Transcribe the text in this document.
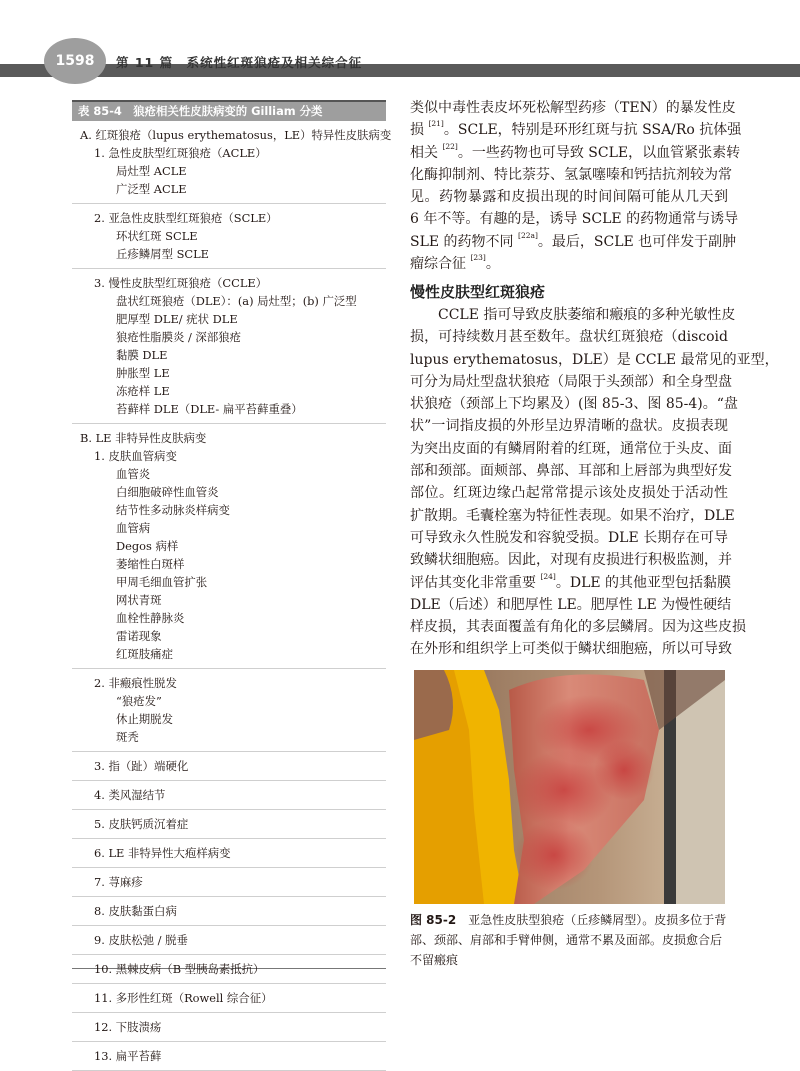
1598	第 11 篇　系统性红斑狼疮及相关综合征
表 85-4　狼疮相关性皮肤病变的 Gilliam 分类
A. 红斑狼疮（lupus erythematosus，LE）特异性皮肤病变
1. 急性皮肤型红斑狼疮（ACLE）
局灶型 ACLE
广泛型 ACLE
2. 亚急性皮肤型红斑狼疮（SCLE）
环状红斑 SCLE
丘疹鳞屑型 SCLE
3. 慢性皮肤型红斑狼疮（CCLE）
盘状红斑狼疮（DLE）：(a) 局灶型；(b) 广泛型
肥厚型 DLE/ 疣状 DLE
狼疮性脂膜炎 / 深部狼疮
黏膜 DLE
肿胀型 LE
冻疮样 LE
苔藓样 DLE（DLE- 扁平苔藓重叠）
B. LE 非特异性皮肤病变
1. 皮肤血管病变
血管炎
白细胞破碎性血管炎
结节性多动脉炎样病变
血管病
Degos 病样
萎缩性白斑样
甲周毛细血管扩张
网状青斑
血栓性静脉炎
雷诺现象
红斑肢痛症
2. 非瘢痕性脱发
“狼疮发”
休止期脱发
斑秃
3. 指（趾）端硬化
4. 类风湿结节
5. 皮肤钙质沉着症
6. LE 非特异性大疱样病变
7. 荨麻疹
8. 皮肤黏蛋白病
9. 皮肤松弛 / 脱垂
10. 黑棘皮病（B 型胰岛素抵抗）
11. 多形性红斑（Rowell 综合征）
12. 下肢溃疡
13. 扁平苔藓
类似中毒性表皮坏死松解型药疹（TEN）的暴发性皮
损 [21]。SCLE，特别是环形红斑与抗 SSA/Ro 抗体强
相关 [22]。一些药物也可导致 SCLE，以血管紧张素转
化酶抑制剂、特比萘芬、氢氯噻嗪和钙拮抗剂较为常
见。药物暴露和皮损出现的时间间隔可能从几天到
6 年不等。有趣的是，诱导 SCLE 的药物通常与诱导
SLE 的药物不同 [22a]。最后，SCLE 也可伴发于副肿
瘤综合征 [23]。
慢性皮肤型红斑狼疮
　　CCLE 指可导致皮肤萎缩和瘢痕的多种光敏性皮
损，可持续数月甚至数年。盘状红斑狼疮（discoid
lupus erythematosus，DLE）是 CCLE 最常见的亚型，
可分为局灶型盘状狼疮（局限于头颈部）和全身型盘
状狼疮（颈部上下均累及）(图 85-3、图 85-4)。“盘
状”一词指皮损的外形呈边界清晰的盘状。皮损表现
为突出皮面的有鳞屑附着的红斑，通常位于头皮、面
部和颈部。面颊部、鼻部、耳部和上唇部为典型好发
部位。红斑边缘凸起常常提示该处皮损处于活动性
扩散期。毛囊栓塞为特征性表现。如果不治疗，DLE
可导致永久性脱发和容貌受损。DLE 长期存在可导
致鳞状细胞癌。因此，对现有皮损进行积极监测，并
评估其变化非常重要 [24]。DLE 的其他亚型包括黏膜
DLE（后述）和肥厚性 LE。肥厚性 LE 为慢性硬结
样皮损，其表面覆盖有角化的多层鳞屑。因为这些皮损
在外形和组织学上可类似于鳞状细胞癌，所以可导致
图 85-2　 亚急性皮肤型狼疮（丘疹鳞屑型）。皮损多位于背部、颈部、肩部和手臂伸侧，通常不累及面部。皮损愈合后不留瘢痕
